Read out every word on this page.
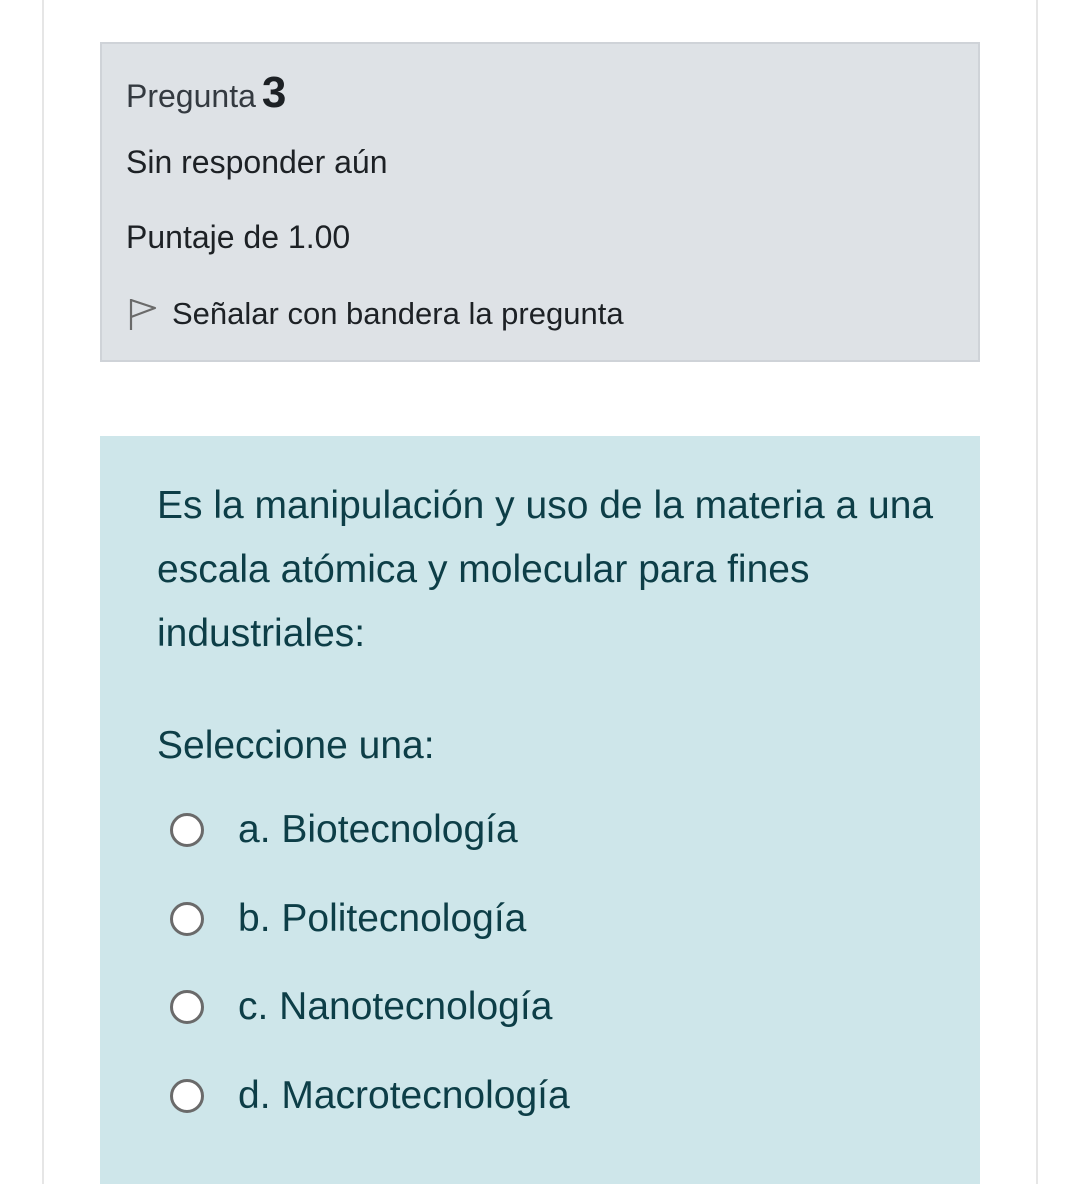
Pregunta 3
Sin responder aún
Puntaje de 1.00
Señalar con bandera la pregunta
Es la manipulación y uso de la materia a una escala atómica y molecular para fines industriales:
Seleccione una:
a. Biotecnología
b. Politecnología
c. Nanotecnología
d. Macrotecnología
